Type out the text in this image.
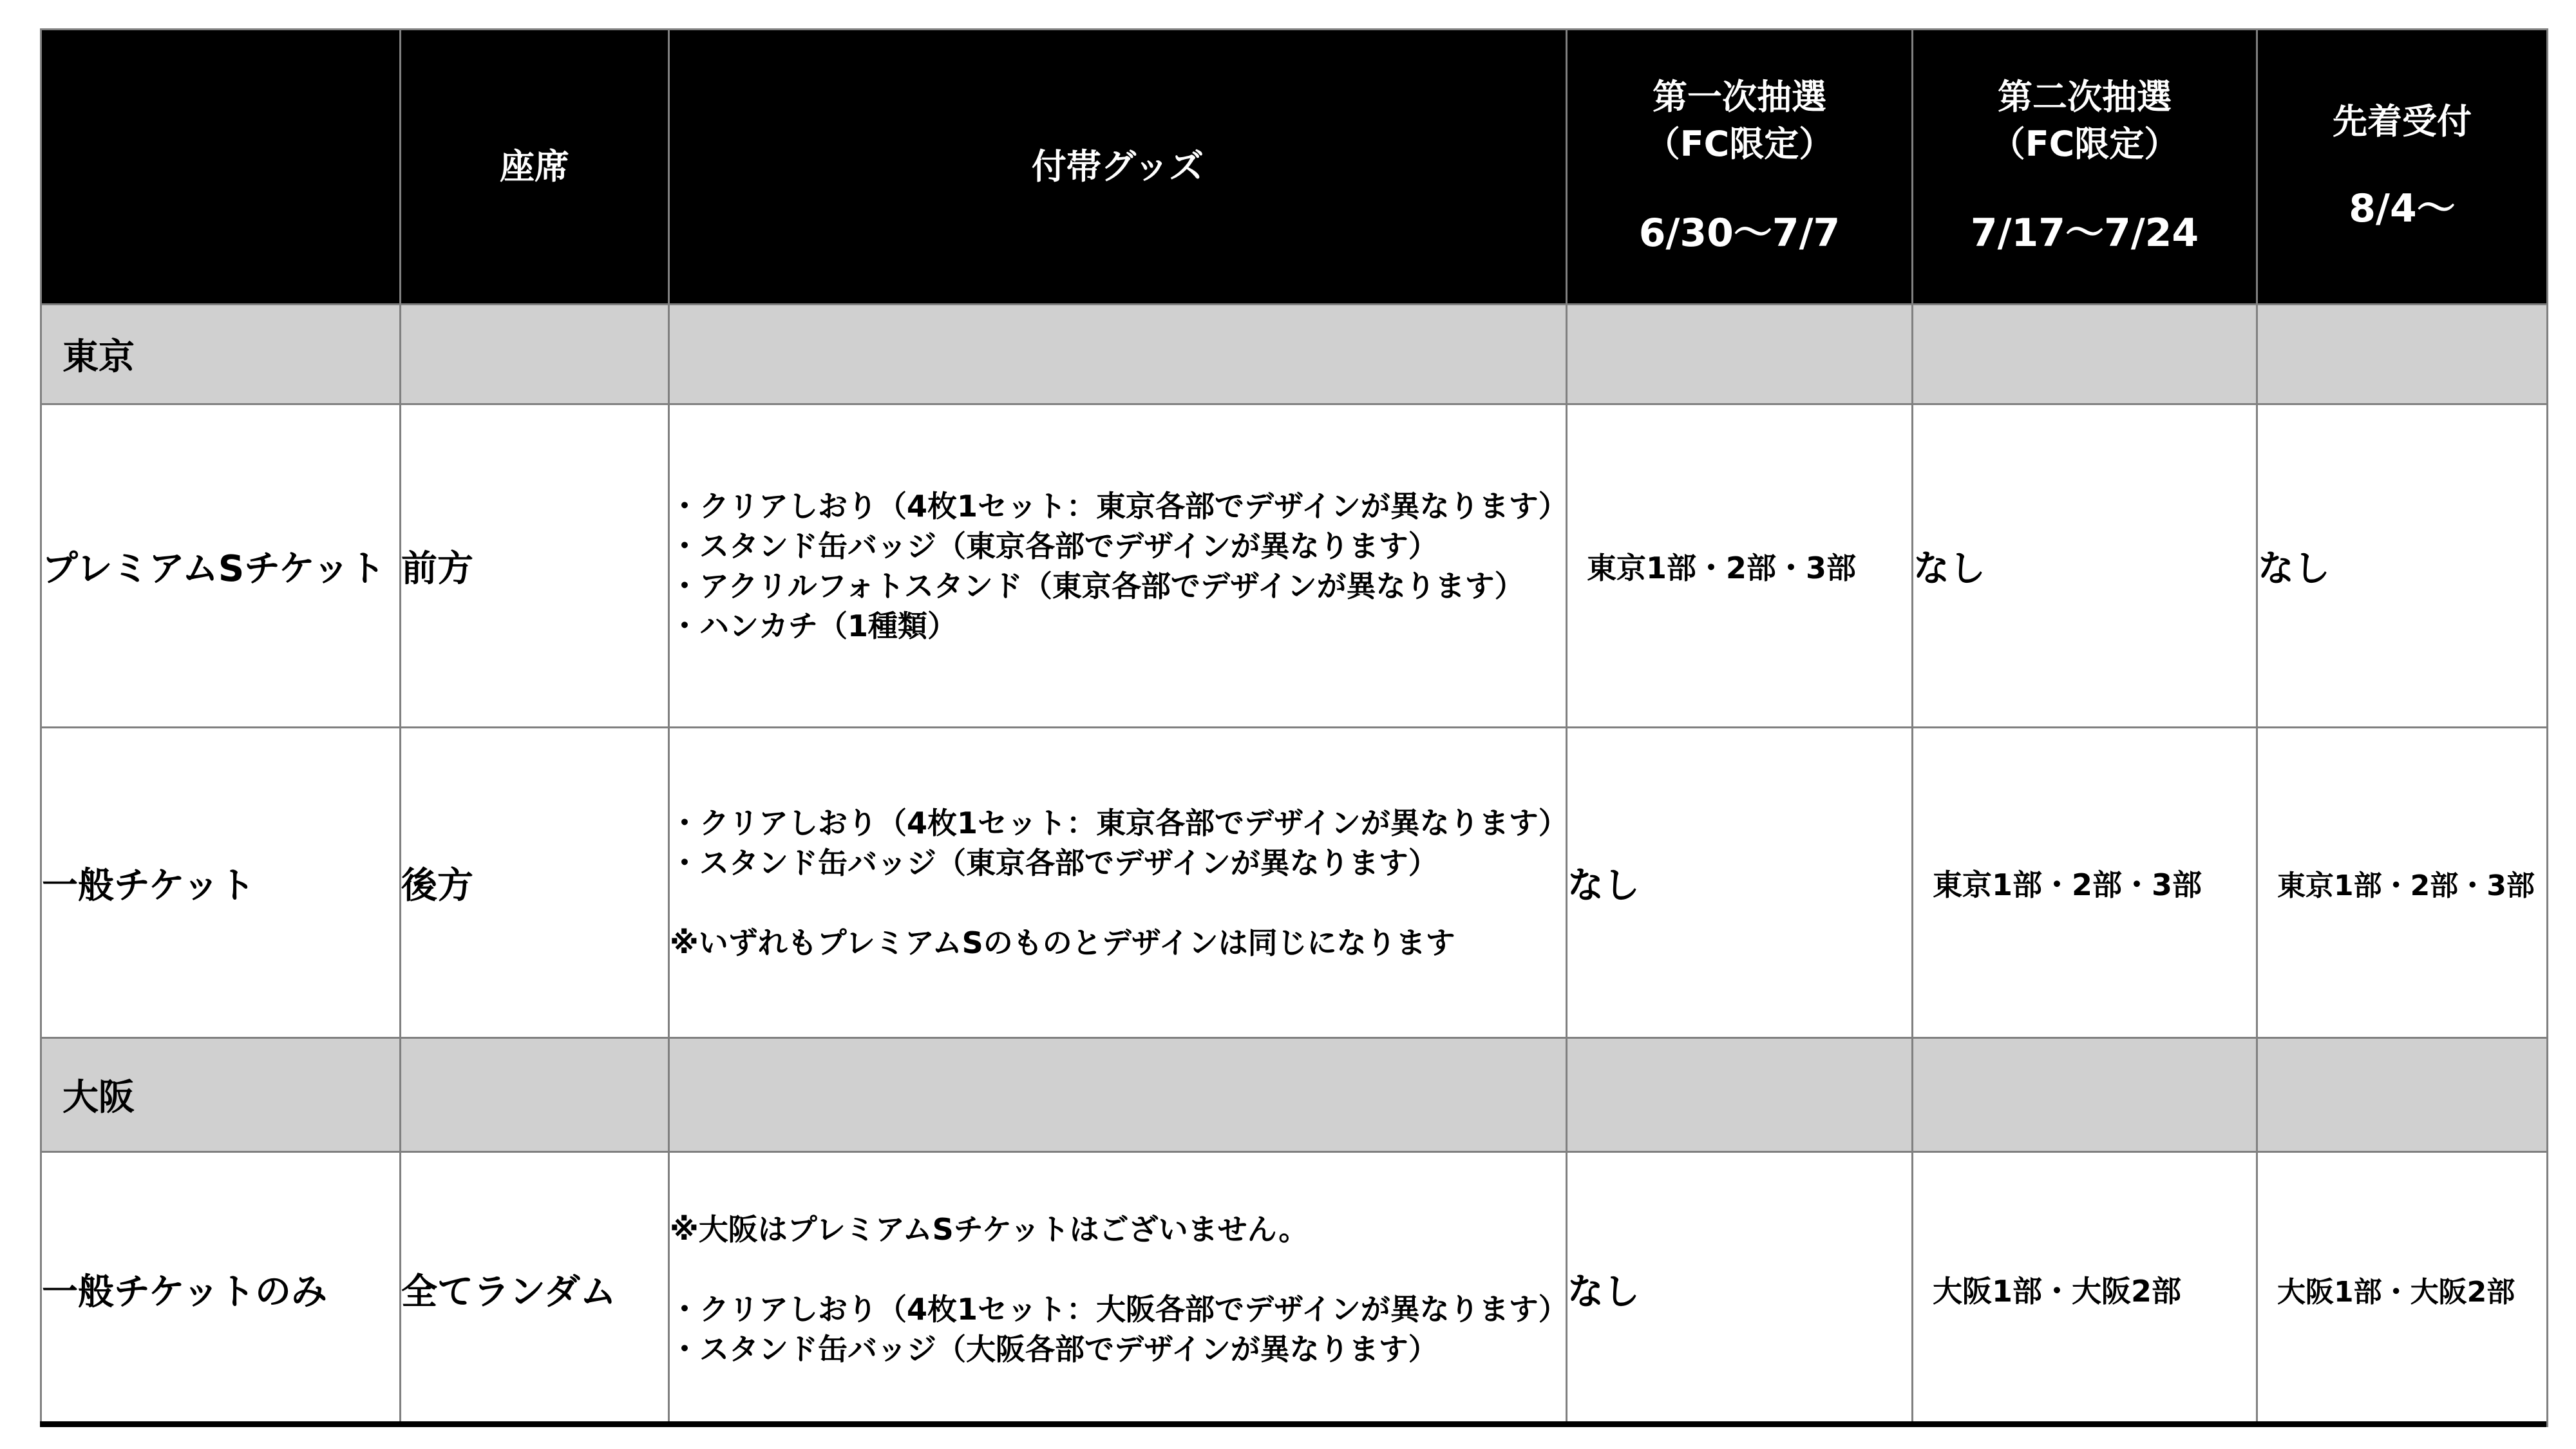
	座席	付帯グッズ	第一次抽選
（FC限定）
6/30～7/7	第二次抽選
（FC限定）
7/17～7/24	先着受付
8/4～

東京					
プレミアムSチケット	前方	・クリアしおり（4枚1セット：東京各部でデザインが異なります）
・スタンド缶バッジ（東京各部でデザインが異なります）
・アクリルフォトスタンド（東京各部でデザインが異なります）
・ハンカチ（1種類）	東京1部・2部・3部	なし	なし
一般チケット	後方	・クリアしおり（4枚1セット：東京各部でデザインが異なります）
・スタンド缶バッジ（東京各部でデザインが異なります）
※いずれもプレミアムSのものとデザインは同じになります	なし	東京1部・2部・3部	東京1部・2部・3部
大阪					
一般チケットのみ	全てランダム	※大阪はプレミアムSチケットはございません。
・クリアしおり（4枚1セット：大阪各部でデザインが異なります）
・スタンド缶バッジ（大阪各部でデザインが異なります）	なし	大阪1部・大阪2部	大阪1部・大阪2部
